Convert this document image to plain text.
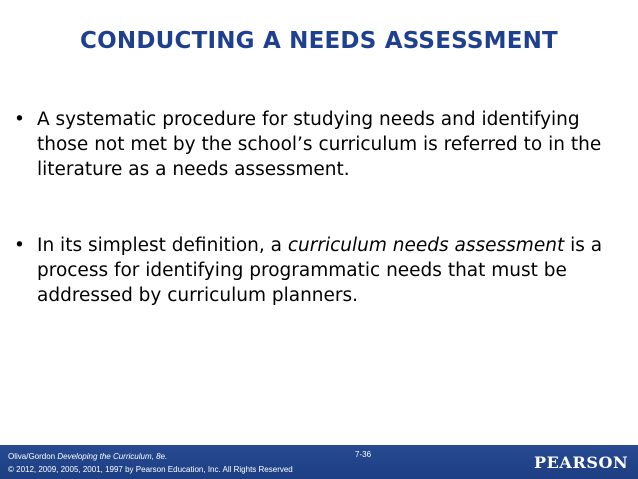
CONDUCTING A NEEDS ASSESSMENT
• A systematic procedure for studying needs and identifying those not met by the school’s curriculum is referred to in the literature as a needs assessment.
• In its simplest definition, a curriculum needs assessment is a process for identifying programmatic needs that must be addressed by curriculum planners.
Oliva/Gordon Developing the Curriculum, 8e.
© 2012, 2009, 2005, 2001, 1997 by Pearson Education, Inc. All Rights Reserved
7-36	PEARSON
